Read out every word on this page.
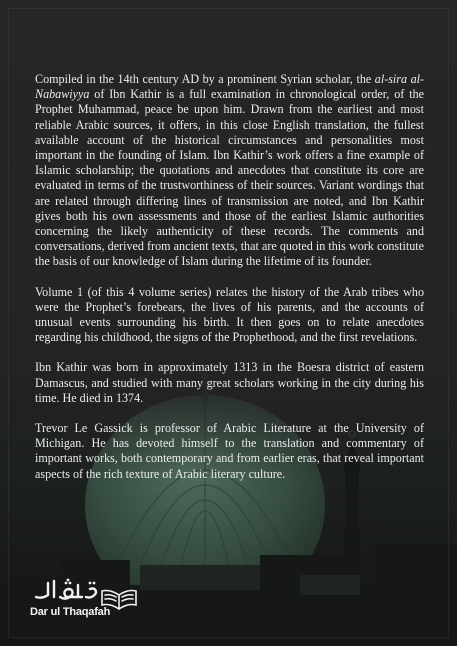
Compiled in the 14th century AD by a prominent Syrian scholar, the al-sira al-Nabawiyya of Ibn Kathir is a full examination in chronological order, of the Prophet Muhammad, peace be upon him. Drawn from the earliest and most reliable Arabic sources, it offers, in this close English translation, the fullest available account of the historical circumstances and personalities most important in the founding of Islam. Ibn Kathir’s work offers a fine example of Islamic scholarship; the quotations and anecdotes that constitute its core are evaluated in terms of the trustworthiness of their sources. Variant wordings that are related through differing lines of transmission are noted, and Ibn Kathir gives both his own assessments and those of the earliest Islamic authorities concerning the likely authenticity of these records. The comments and conversations, derived from ancient texts, that are quoted in this work constitute the basis of our knowledge of Islam during the lifetime of its founder.

Volume 1 (of this 4 volume series) relates the history of the Arab tribes who were the Prophet’s forebears, the lives of his parents, and the accounts of unusual events surrounding his birth. It then goes on to relate anecdotes regarding his childhood, the signs of the Prophethood, and the first revelations.

Ibn Kathir was born in approximately 1313 in the Boesra district of eastern Damascus, and studied with many great scholars working in the city during his time. He died in 1374.

Trevor Le Gassick is professor of Arabic Literature at the University of Michigan. He has devoted himself to the translation and commentary of important works, both contemporary and from earlier eras, that reveal important aspects of the rich texture of Arabic literary culture.

Dar ul Thaqafah
